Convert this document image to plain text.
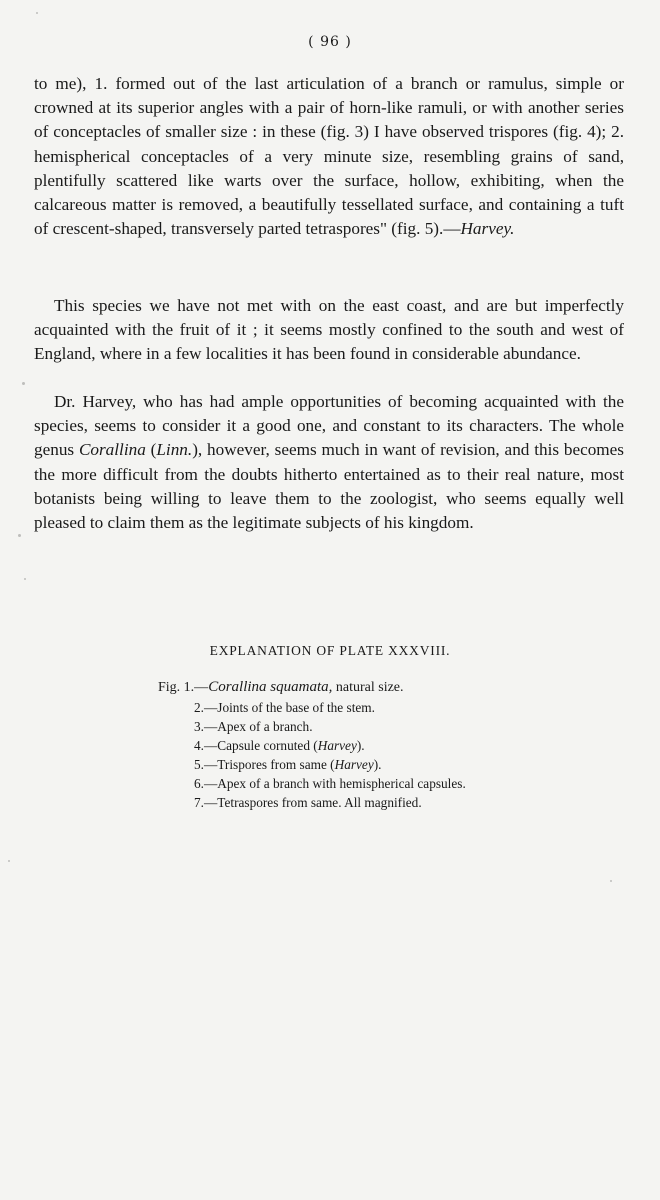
( 96 )

to me), 1. formed out of the last articulation of a branch or ramulus, simple or crowned at its superior angles with a pair of horn-like ramuli, or with another series of conceptacles of smaller size : in these (fig. 3) I have observed trispores (fig. 4); 2. hemispherical conceptacles of a very minute size, resembling grains of sand, plentifully scattered like warts over the surface, hollow, exhibiting, when the calcareous matter is removed, a beautifully tessellated surface, and containing a tuft of crescent-shaped, transversely parted tetraspores" (fig. 5).—Harvey.

This species we have not met with on the east coast, and are but imperfectly acquainted with the fruit of it ; it seems mostly confined to the south and west of England, where in a few localities it has been found in considerable abundance.

Dr. Harvey, who has had ample opportunities of becoming acquainted with the species, seems to consider it a good one, and constant to its characters. The whole genus Corallina (Linn.), however, seems much in want of revision, and this becomes the more difficult from the doubts hitherto entertained as to their real nature, most botanists being willing to leave them to the zoologist, who seems equally well pleased to claim them as the legitimate subjects of his kingdom.

EXPLANATION OF PLATE XXXVIII.
Fig. 1.—Corallina squamata, natural size.
2.—Joints of the base of the stem.
3.—Apex of a branch.
4.—Capsule cornuted (Harvey).
5.—Trispores from same (Harvey).
6.—Apex of a branch with hemispherical capsules.
7.—Tetraspores from same. All magnified.
